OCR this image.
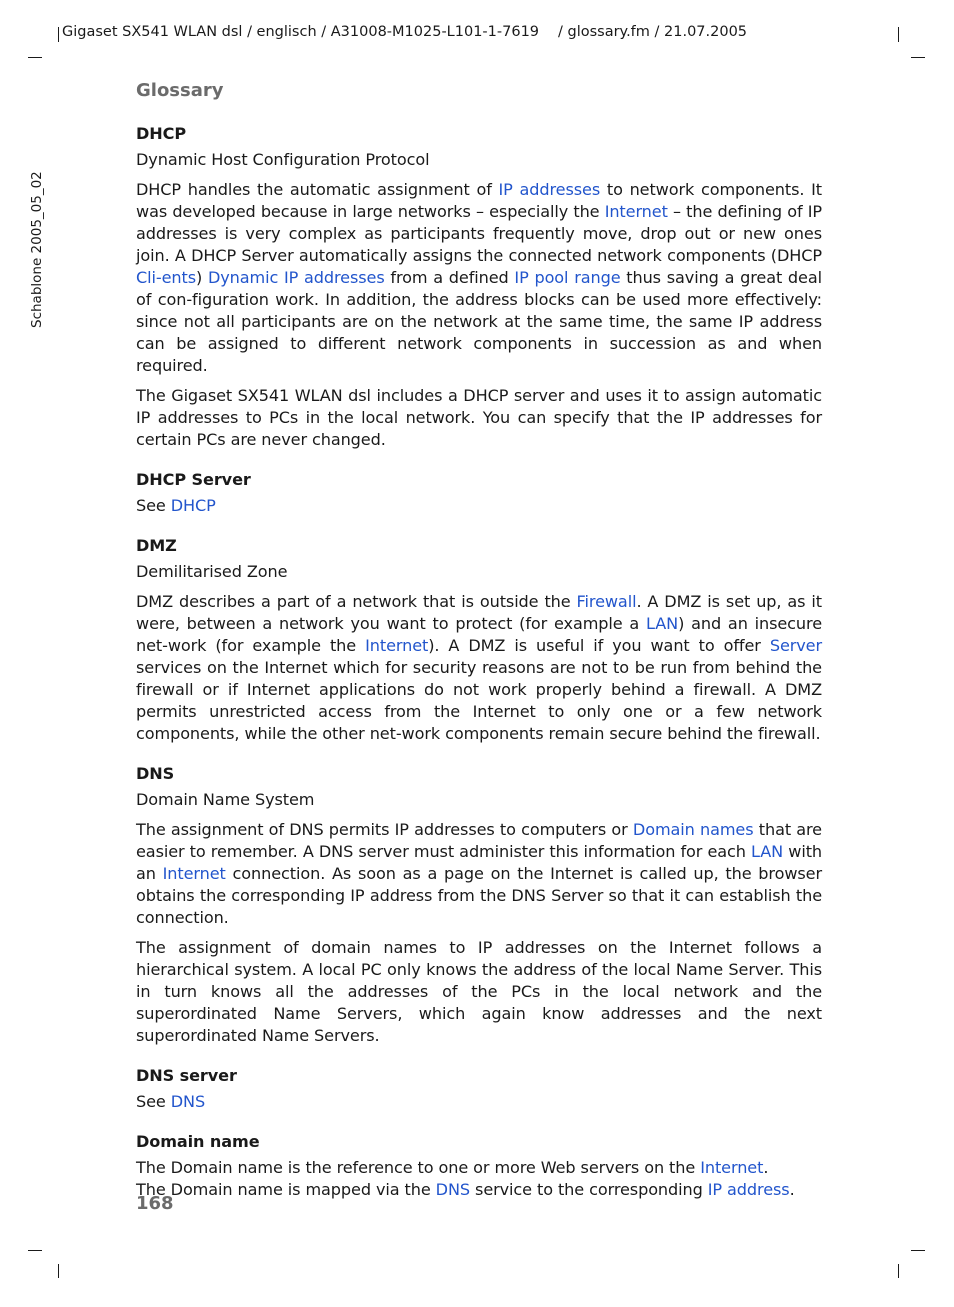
Gigaset SX541 WLAN dsl / englisch / A31008-M1025-L101-1-7619 / glossary.fm / 21.07.2005
Schablone 2005_05_02
Glossary

DHCP

Dynamic Host Configuration Protocol

DHCP handles the automatic assignment of IP addresses to network components. It was developed because in large networks – especially the Internet – the defining of IP addresses is very complex as participants frequently move, drop out or new ones join. A DHCP Server automatically assigns the connected network components (DHCP Cli-ents) Dynamic IP addresses from a defined IP pool range thus saving a great deal of con-figuration work. In addition, the address blocks can be used more effectively: since not all participants are on the network at the same time, the same IP address can be assigned to different network components in succession as and when required.

The Gigaset SX541 WLAN dsl includes a DHCP server and uses it to assign automatic IP addresses to PCs in the local network. You can specify that the IP addresses for certain PCs are never changed.

DHCP Server

See DHCP

DMZ

Demilitarised Zone

DMZ describes a part of a network that is outside the Firewall. A DMZ is set up, as it were, between a network you want to protect (for example a LAN) and an insecure net-work (for example the Internet). A DMZ is useful if you want to offer Server services on the Internet which for security reasons are not to be run from behind the firewall or if Internet applications do not work properly behind a firewall. A DMZ permits unrestricted access from the Internet to only one or a few network components, while the other net-work components remain secure behind the firewall.

DNS

Domain Name System

The assignment of DNS permits IP addresses to computers or Domain names that are easier to remember. A DNS server must administer this information for each LAN with an Internet connection. As soon as a page on the Internet is called up, the browser obtains the corresponding IP address from the DNS Server so that it can establish the connection.

The assignment of domain names to IP addresses on the Internet follows a hierarchical system. A local PC only knows the address of the local Name Server. This in turn knows all the addresses of the PCs in the local network and the superordinated Name Servers, which again know addresses and the next superordinated Name Servers.

DNS server

See DNS

Domain name

The Domain name is the reference to one or more Web servers on the Internet.

The Domain name is mapped via the DNS service to the corresponding IP address.

168
